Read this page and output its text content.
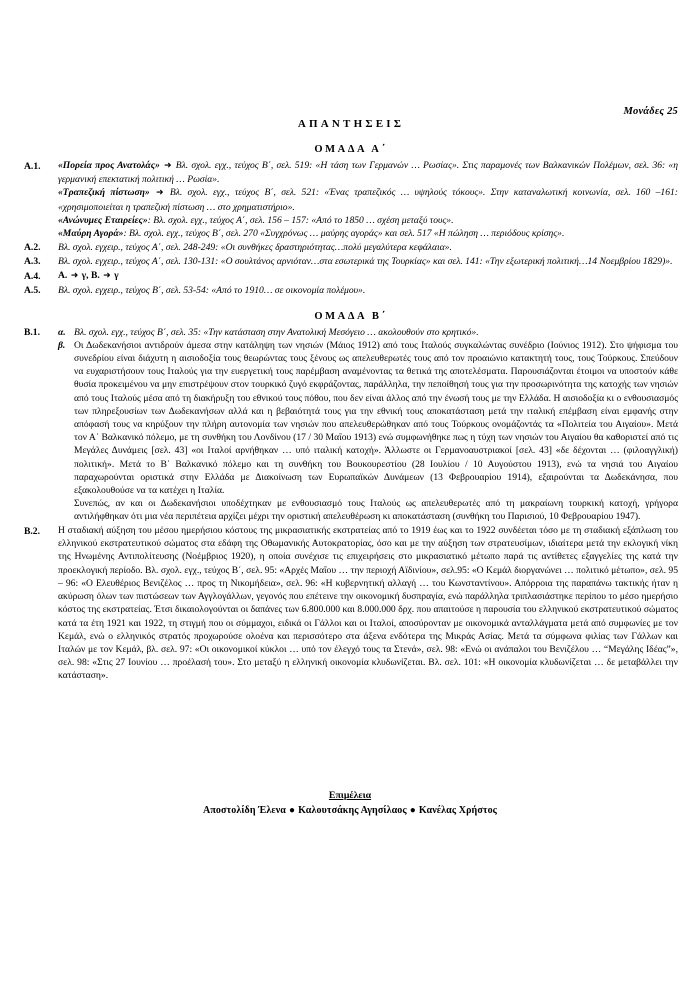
Μονάδες 25
ΑΠΑΝΤΗΣΕΙΣ
ΟΜΑΔΑ Α΄
Α.1.	«Πορεία προς Ανατολάς» ➜ Βλ. σχολ. εγχ., τεύχος Β΄, σελ. 519: «Η τάση των Γερμανών … Ρωσίας». Στις παραμονές των Βαλκανικών Πολέμων, σελ. 36: «η γερμανική επεκτατική πολιτική … Ρωσία».

«Τραπεζική πίστωση» ➜ Βλ. σχολ. εγχ., τεύχος Β΄, σελ. 521: «Ένας τραπεζικός … υψηλούς τόκους». Στην καταναλωτική κοινωνία, σελ. 160 –161: «χρησιμοποιείται η τραπεζική πίστωση … στο χρηματιστήριο».

«Ανώνυμες Εταιρείες»: Βλ. σχολ. εγχ., τεύχος Α΄, σελ. 156 – 157: «Από το 1850 … σχέση μεταξύ τους».

«Μαύρη Αγορά»: Βλ. σχολ. εγχ., τεύχος Β΄, σελ. 270 «Συγχρόνως … μαύρης αγοράς» και σελ. 517 «Η πώληση … περιόδους κρίσης».

Α.2.	Βλ. σχολ. εγχειρ., τεύχος Α΄, σελ. 248-249: «Οι συνθήκες δραστηριότητας…πολύ μεγαλύτερα κεφάλαια».

Α.3.	Βλ. σχολ. εγχειρ., τεύχος Α΄, σελ. 130-131: «Ο σουλτάνος αρνιόταν…στα εσωτερικά της Τουρκίας» και σελ. 141: «Την εξωτερική πολιτική…14 Νοεμβρίου 1829)».

Α.4.	Α. ➜ γ, Β. ➜ γ

Α.5.	Βλ. σχολ. εγχειρ., τεύχος Β΄, σελ. 53-54: «Από το 1910… σε οικονομία πολέμου».

ΟΜΑΔΑ Β΄
Β.1.	α. Βλ. σχολ. εγχ., τεύχος Β΄, σελ. 35: «Την κατάσταση στην Ανατολική Μεσόγειο … ακολουθούν στο κρητικό».
β. Οι Δωδεκανήσιοι αντιδρούν άμεσα στην κατάληψη των νησιών (Μάιος 1912) από τους Ιταλούς συγκαλώντας συνέδριο (Ιούνιος 1912). Στο ψήφισμα του συνεδρίου είναι διάχυτη η αισιοδοξία τους θεωρώντας τους ξένους ως απελευθερωτές τους από τον προαιώνιο κατακτητή τους, τους Τούρκους. Σπεύδουν να ευχαριστήσουν τους Ιταλούς για την ευεργετική τους παρέμβαση αναμένοντας τα θετικά της αποτελέσματα. Παρουσιάζονται έτοιμοι να υποστούν κάθε θυσία προκειμένου να μην επιστρέψουν στον τουρκικό ζυγό εκφράζοντας, παράλληλα, την πεποίθησή τους για την προσωρινότητα της κατοχής των νησιών από τους Ιταλούς μέσα από τη διακήρυξη του εθνικού τους πόθου, που δεν είναι άλλος από την ένωσή τους με την Ελλάδα. Η αισιοδοξία κι ο ενθουσιασμός των πληρεξουσίων των Δωδεκανήσων αλλά και η βεβαιότητά τους για την εθνική τους αποκατάσταση μετά την ιταλική επέμβαση είναι εμφανής στην απόφασή τους να κηρύξουν την πλήρη αυτονομία των νησιών που απελευθερώθηκαν από τους Τούρκους ονομάζοντάς τα «Πολιτεία του Αιγαίου». Μετά τον Α΄ Βαλκανικό πόλεμο, με τη συνθήκη του Λονδίνου (17 / 30 Μαΐου 1913) ενώ συμφωνήθηκε πως η τύχη των νησιών του Αιγαίου θα καθοριστεί από τις Μεγάλες Δυνάμεις [σελ. 43] «οι Ιταλοί αρνήθηκαν … υπό ιταλική κατοχή». Άλλωστε οι Γερμανοαυστριακοί [σελ. 43] «δε δέχονται … (φιλοαγγλική) πολιτική». Μετά το Β΄ Βαλκανικό πόλεμο και τη συνθήκη του Βουκουρεστίου (28 Ιουλίου / 10 Αυγούστου 1913), ενώ τα νησιά του Αιγαίου παραχωρούνται οριστικά στην Ελλάδα με Διακοίνωση των Ευρωπαϊκών Δυνάμεων (13 Φεβρουαρίου 1914), εξαιρούνται τα Δωδεκάνησα, που εξακολουθούσε να τα κατέχει η Ιταλία.

Συνεπώς, αν και οι Δωδεκανήσιοι υποδέχτηκαν με ενθουσιασμό τους Ιταλούς ως απελευθερωτές από τη μακραίωνη τουρκική κατοχή, γρήγορα αντιλήφθηκαν ότι μια νέα περιπέτεια αρχίζει μέχρι την οριστική απελευθέρωση κι αποκατάσταση (συνθήκη του Παρισιού, 10 Φεβρουαρίου 1947).

Β.2.	Η σταδιακή αύξηση του μέσου ημερήσιου κόστους της μικρασιατικής εκστρατείας από το 1919 έως και το 1922 συνδέεται τόσο με τη σταδιακή εξάπλωση του ελληνικού εκστρατευτικού σώματος στα εδάφη της Οθωμανικής Αυτοκρατορίας, όσο και με την αύξηση των στρατευσίμων, ιδιαίτερα μετά την εκλογική νίκη της Ηνωμένης Αντιπολίτευσης (Νοέμβριος 1920), η οποία συνέχισε τις επιχειρήσεις στο μικρασιατικό μέτωπο παρά τις αντίθετες εξαγγελίες της κατά την προεκλογική περίοδο. Βλ. σχολ. εγχ., τεύχος Β΄, σελ. 95: «Αρχές Μαΐου … την περιοχή Αϊδινίου», σελ.95: «Ο Κεμάλ διοργανώνει … πολιτικό μέτωπο», σελ. 95 – 96: «Ο Ελευθέριος Βενιζέλος … προς τη Νικομήδεια», σελ. 96: «Η κυβερνητική αλλαγή … του Κωνσταντίνου». Απόρροια της παραπάνω τακτικής ήταν η ακύρωση όλων των πιστώσεων των Αγγλογάλλων, γεγονός που επέτεινε την οικονομική δυσπραγία, ενώ παράλληλα τριπλασιάστηκε περίπου το μέσο ημερήσιο κόστος της εκστρατείας. Έτσι δικαιολογούνται οι δαπάνες των 6.800.000 και 8.000.000 δρχ. που απαιτούσε η παρουσία του ελληνικού εκστρατευτικού σώματος κατά τα έτη 1921 και 1922, τη στιγμή που οι σύμμαχοι, ειδικά οι Γάλλοι και οι Ιταλοί, αποσύρονταν με οικονομικά ανταλλάγματα μετά από συμφωνίες με τον Κεμάλ, ενώ ο ελληνικός στρατός προχωρούσε ολοένα και περισσότερο στα άξενα ενδότερα της Μικράς Ασίας. Μετά τα σύμφωνα φιλίας των Γάλλων και Ιταλών με τον Κεμάλ, βλ. σελ. 97: «Οι οικονομικοί κύκλοι … υπό τον έλεγχό τους τα Στενά», σελ. 98: «Ενώ οι ανάπαλοι του Βενιζέλου … “Μεγάλης Ιδέας”», σελ. 98: «Στις 27 Ιουνίου … προέλασή του». Στο μεταξύ η ελληνική οικονομία κλυδωνίζεται. Βλ. σελ. 101: «Η οικονομία κλυδωνίζεται … δε μεταβάλλει την κατάσταση».

Επιμέλεια
Αποστολίδη Έλενα ● Καλουτσάκης Αγησίλαος ● Κανέλας Χρήστος
